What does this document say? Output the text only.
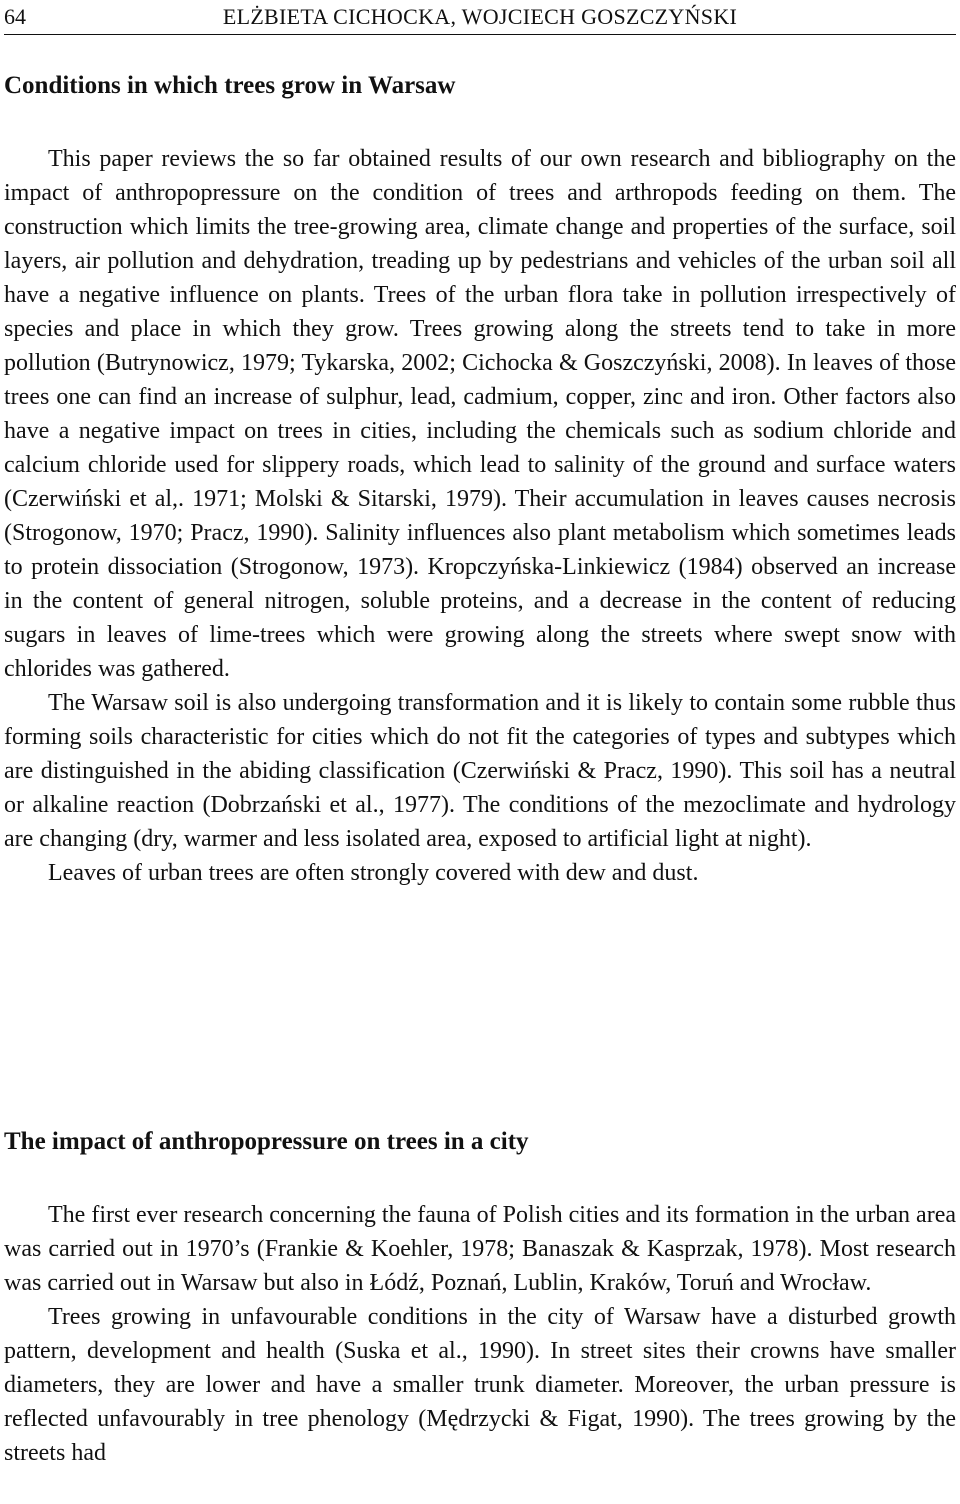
64	ELŻBIETA CICHOCKA, WOJCIECH GOSZCZYŃSKI
Conditions in which trees grow in Warsaw

This paper reviews the so far obtained results of our own research and bibliography on the impact of anthropopressure on the condition of trees and arthropods feeding on them. The construction which limits the tree-growing area, climate change and properties of the surface, soil layers, air pollution and dehydration, treading up by pedestrians and vehicles of the urban soil all have a negative influence on plants. Trees of the urban flora take in pollution irrespectively of species and place in which they grow. Trees growing along the streets tend to take in more pollution (Butrynowicz, 1979; Tykarska, 2002; Cichocka & Goszczyński, 2008). In leaves of those trees one can find an increase of sulphur, lead, cadmium, copper, zinc and iron. Other factors also have a negative impact on trees in cities, including the chemicals such as sodium chloride and calcium chloride used for slippery roads, which lead to salinity of the ground and surface waters (Czerwiński et al,. 1971; Molski & Sitarski, 1979). Their accumulation in leaves causes necrosis (Strogonow, 1970; Pracz, 1990). Salinity influences also plant metabolism which sometimes leads to protein dissociation (Strogonow, 1973). Kropczyńska-Linkiewicz (1984) observed an increase in the content of general nitrogen, soluble proteins, and a decrease in the content of reducing sugars in leaves of lime-trees which were growing along the streets where swept snow with chlorides was gathered.

The Warsaw soil is also undergoing transformation and it is likely to contain some rubble thus forming soils characteristic for cities which do not fit the categories of types and subtypes which are distinguished in the abiding classification (Czerwiński & Pracz, 1990). This soil has a neutral or alkaline reaction (Dobrzański et al., 1977). The conditions of the mezoclimate and hydrology are changing (dry, warmer and less isolated area, exposed to artificial light at night).

Leaves of urban trees are often strongly covered with dew and dust.

The impact of anthropopressure on trees in a city

The first ever research concerning the fauna of Polish cities and its formation in the urban area was carried out in 1970’s (Frankie & Koehler, 1978; Banaszak & Kasprzak, 1978). Most research was carried out in Warsaw but also in Łódź, Poznań, Lublin, Kraków, Toruń and Wrocław.

Trees growing in unfavourable conditions in the city of Warsaw have a disturbed growth pattern, development and health (Suska et al., 1990). In street sites their crowns have smaller diameters, they are lower and have a smaller trunk diameter. Moreover, the urban pressure is reflected unfavourably in tree phenology (Mędrzycki & Figat, 1990). The trees growing by the streets had
